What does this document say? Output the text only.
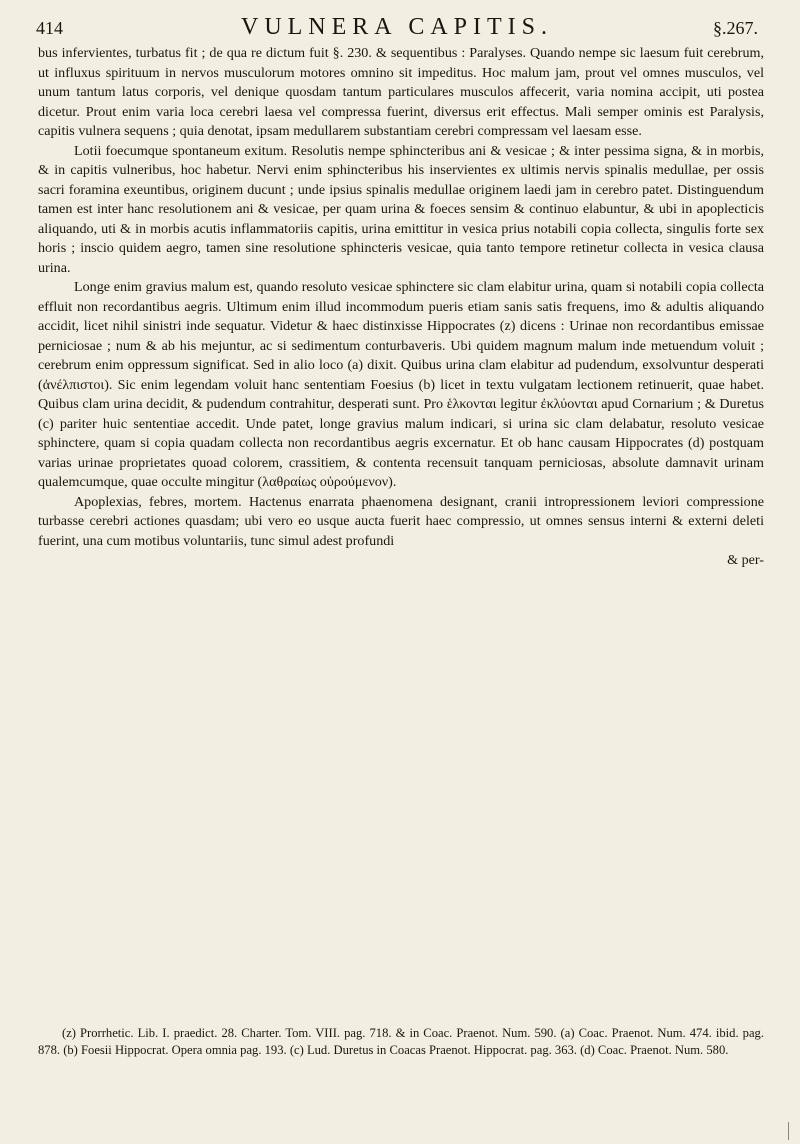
414	VULNERA CAPITIS.	§.267.

bus infervientes, turbatus fit ; de qua re dictum fuit §. 230. & sequentibus : Paralyses. Quando nempe sic laesum fuit cerebrum, ut influxus spirituum in nervos musculorum motores omnino sit impeditus. Hoc malum jam, prout vel omnes musculos, vel unum tantum latus corporis, vel denique quosdam tantum particulares musculos affecerit, varia nomina accipit, uti postea dicetur. Prout enim varia loca cerebri laesa vel compressa fuerint, diversus erit effectus. Mali semper ominis est Paralysis, capitis vulnera sequens ; quia denotat, ipsam medullarem substantiam cerebri compressam vel laesam esse.

Lotii foecumque spontaneum exitum. Resolutis nempe sphincteribus ani & vesicae ; & inter pessima signa, & in morbis, & in capitis vulneribus, hoc habetur. Nervi enim sphincteribus his inservientes ex ultimis nervis spinalis medullae, per ossis sacri foramina exeuntibus, originem ducunt ; unde ipsius spinalis medullae originem laedi jam in cerebro patet. Distinguendum tamen est inter hanc resolutionem ani & vesicae, per quam urina & foeces sensim & continuo elabuntur, & ubi in apoplecticis aliquando, uti & in morbis acutis inflammatoriis capitis, urina emittitur in vesica prius notabili copia collecta, singulis forte sex horis ; insciо quidem aegro, tamen sine resolutione sphincteris vesicae, quia tanto tempore retinetur collecta in vesica clausa urina.

Longe enim gravius malum est, quando resoluto vesicae sphinctere sic clam elabitur urina, quam si notabili copia collecta effluit non recordantibus aegris. Ultimum enim illud incommodum pueris etiam sanis satis frequens, imo & adultis aliquando accidit, licet nihil sinistri inde sequatur. Videtur & haec distinxisse Hippocrates (z) dicens : Urinae non recordantibus emissae perniciosae ; num & ab his mejuntur, ac si sedimentum conturbaveris. Ubi quidem magnum malum inde metuendum voluit ; cerebrum enim oppressum significat. Sed in alio loco (a) dixit. Quibus urina clam elabitur ad pudendum, exsolvuntur desperati (ἀνέλπιστοι). Sic enim legendam voluit hanc sententiam Foesius (b) licet in textu vulgatam lectionem retinuerit, quae habet. Quibus clam urina decidit, & pudendum contrahitur, desperati sunt. Pro ἑλκονται legitur ἐκλύονται apud Cornarium ; & Duretus (c) pariter huic sententiae accedit. Unde patet, longe gravius malum indicari, si urina sic clam delabatur, resoluto vesicae sphinctere, quam si copia quadam collecta non recordantibus aegris excernatur. Et ob hanc causam Hippocrates (d) postquam varias urinae proprietates quoad colorem, crassitiem, & contenta recensuit tanquam perniciosas, absolute damnavit urinam qualemcumque, quae occulte mingitur (λαθραίως οὐρούμενον).

Apoplexias, febres, mortem. Hactenus enarrata phaenomena designant, cranii intropressionem leviori compressione turbasse cerebri actiones quasdam; ubi vero eo usque aucta fuerit haec compressio, ut omnes sensus interni & externi deleti fuerint, una cum motibus voluntariis, tunc simul adest profundi

& per-

(z) Prorrhetic. Lib. I. praedict. 28. Charter. Tom. VIII. pag. 718. & in Coac. Praenot. Num. 590. (a) Coac. Praenot. Num. 474. ibid. pag. 878. (b) Foesii Hippocrat. Opera omnia pag. 193. (c) Lud. Duretus in Coacas Praenot. Hippocrat. pag. 363. (d) Coac. Praenot. Num. 580.
